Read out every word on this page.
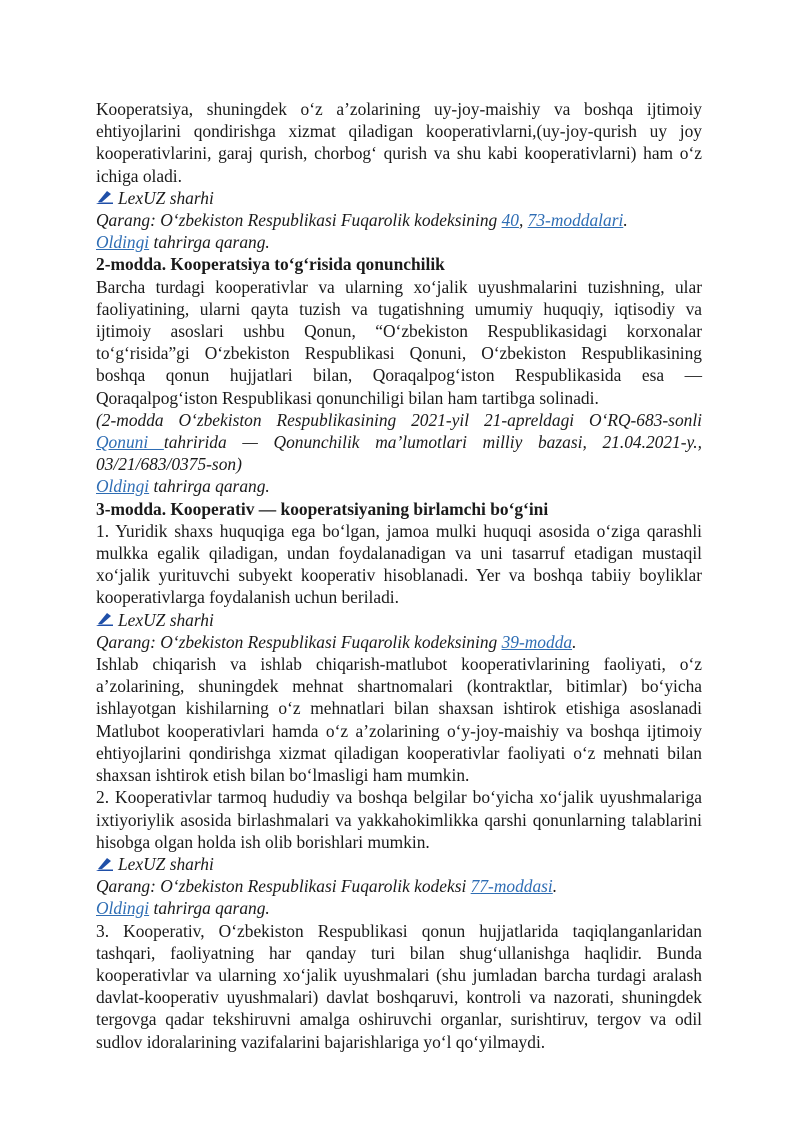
Kooperatsiya, shuningdek o‘z a’zolarining uy-joy-maishiy va boshqa ijtimoiy ehtiyojlarini qondirishga xizmat qiladigan kooperativlarni,(uy-joy-qurish uy joy kooperativlarini, garaj qurish, chorbog‘ qurish va shu kabi kooperativlarni) ham o‘z ichiga oladi.

LexUZ sharhi

Qarang: O‘zbekiston Respublikasi Fuqarolik kodeksining 40, 73-moddalari.

Oldingi tahrirga qarang.

2-modda. Kooperatsiya to‘g‘risida qonunchilik

Barcha turdagi kooperativlar va ularning xo‘jalik uyushmalarini tuzishning, ular faoliyatining, ularni qayta tuzish va tugatishning umumiy huquqiy, iqtisodiy va ijtimoiy asoslari ushbu Qonun, “O‘zbekiston Respublikasidagi korxonalar to‘g‘risida”gi O‘zbekiston Respublikasi Qonuni, O‘zbekiston Respublikasining boshqa qonun hujjatlari bilan, Qoraqalpog‘iston Respublikasida esa — Qoraqalpog‘iston Respublikasi qonunchiligi bilan ham tartibga solinadi.

(2-modda O‘zbekiston Respublikasining 2021-yil 21-apreldagi O‘RQ-683-sonli Qonuni tahririda — Qonunchilik ma’lumotlari milliy bazasi, 21.04.2021-y., 03/21/683/0375-son)

Oldingi tahrirga qarang.

3-modda. Kooperativ — kooperatsiyaning birlamchi bo‘g‘ini

1. Yuridik shaxs huquqiga ega bo‘lgan, jamoa mulki huquqi asosida o‘ziga qarashli mulkka egalik qiladigan, undan foydalanadigan va uni tasarruf etadigan mustaqil xo‘jalik yurituvchi subyekt kooperativ hisoblanadi. Yer va boshqa tabiiy boyliklar kooperativlarga foydalanish uchun beriladi.

LexUZ sharhi

Qarang: O‘zbekiston Respublikasi Fuqarolik kodeksining 39-modda.

Ishlab chiqarish va ishlab chiqarish-matlubot kooperativlarining faoliyati, o‘z a’zolarining, shuningdek mehnat shartnomalari (kontraktlar, bitimlar) bo‘yicha ishlayotgan kishilarning o‘z mehnatlari bilan shaxsan ishtirok etishiga asoslanadi Matlubot kooperativlari hamda o‘z a’zolarining o‘y-joy-maishiy va boshqa ijtimoiy ehtiyojlarini qondirishga xizmat qiladigan kooperativlar faoliyati o‘z mehnati bilan shaxsan ishtirok etish bilan bo‘lmasligi ham mumkin.

2. Kooperativlar tarmoq hududiy va boshqa belgilar bo‘yicha xo‘jalik uyushmalariga ixtiyoriylik asosida birlashmalari va yakkahokimlikka qarshi qonunlarning talablarini hisobga olgan holda ish olib borishlari mumkin.

LexUZ sharhi

Qarang: O‘zbekiston Respublikasi Fuqarolik kodeksi 77-moddasi.

Oldingi tahrirga qarang.

3. Kooperativ, O‘zbekiston Respublikasi qonun hujjatlarida taqiqlanganlaridan tashqari, faoliyatning har qanday turi bilan shug‘ullanishga haqlidir. Bunda kooperativlar va ularning xo‘jalik uyushmalari (shu jumladan barcha turdagi aralash davlat-kooperativ uyushmalari) davlat boshqaruvi, kontroli va nazorati, shuningdek tergovga qadar tekshiruvni amalga oshiruvchi organlar, surishtiruv, tergov va odil sudlov idoralarining vazifalarini bajarishlariga yo‘l qo‘yilmaydi.
